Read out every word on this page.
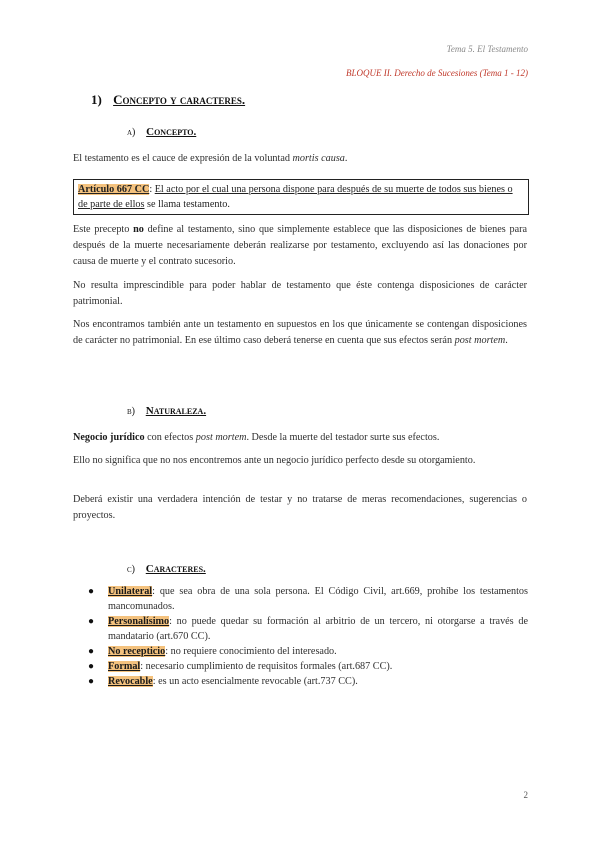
Tema 5. El Testamento
BLOQUE II. Derecho de Sucesiones (Tema 1 - 12)
1) Concepto y caracteres.
a) Concepto.
El testamento es el cauce de expresión de la voluntad mortis causa.
Artículo 667 CC: El acto por el cual una persona dispone para después de su muerte de todos sus bienes o de parte de ellos se llama testamento.
Este precepto no define al testamento, sino que simplemente establece que las disposiciones de bienes para después de la muerte necesariamente deberán realizarse por testamento, excluyendo así las donaciones por causa de muerte y el contrato sucesorio.
No resulta imprescindible para poder hablar de testamento que éste contenga disposiciones de carácter patrimonial.
Nos encontramos también ante un testamento en supuestos en los que únicamente se contengan disposiciones de carácter no patrimonial. En ese último caso deberá tenerse en cuenta que sus efectos serán post mortem.
b) Naturaleza.
Negocio jurídico con efectos post mortem. Desde la muerte del testador surte sus efectos.
Ello no significa que no nos encontremos ante un negocio jurídico perfecto desde su otorgamiento.
Deberá existir una verdadera intención de testar y no tratarse de meras recomendaciones, sugerencias o proyectos.
c) Caracteres.
● Unilateral: que sea obra de una sola persona. El Código Civil, art.669, prohíbe los testamentos mancomunados.
● Personalísimo: no puede quedar su formación al arbitrio de un tercero, ni otorgarse a través de mandatario (art.670 CC).
● No recepticio: no requiere conocimiento del interesado.
● Formal: necesario cumplimiento de requisitos formales (art.687 CC).
● Revocable: es un acto esencialmente revocable (art.737 CC).
2
